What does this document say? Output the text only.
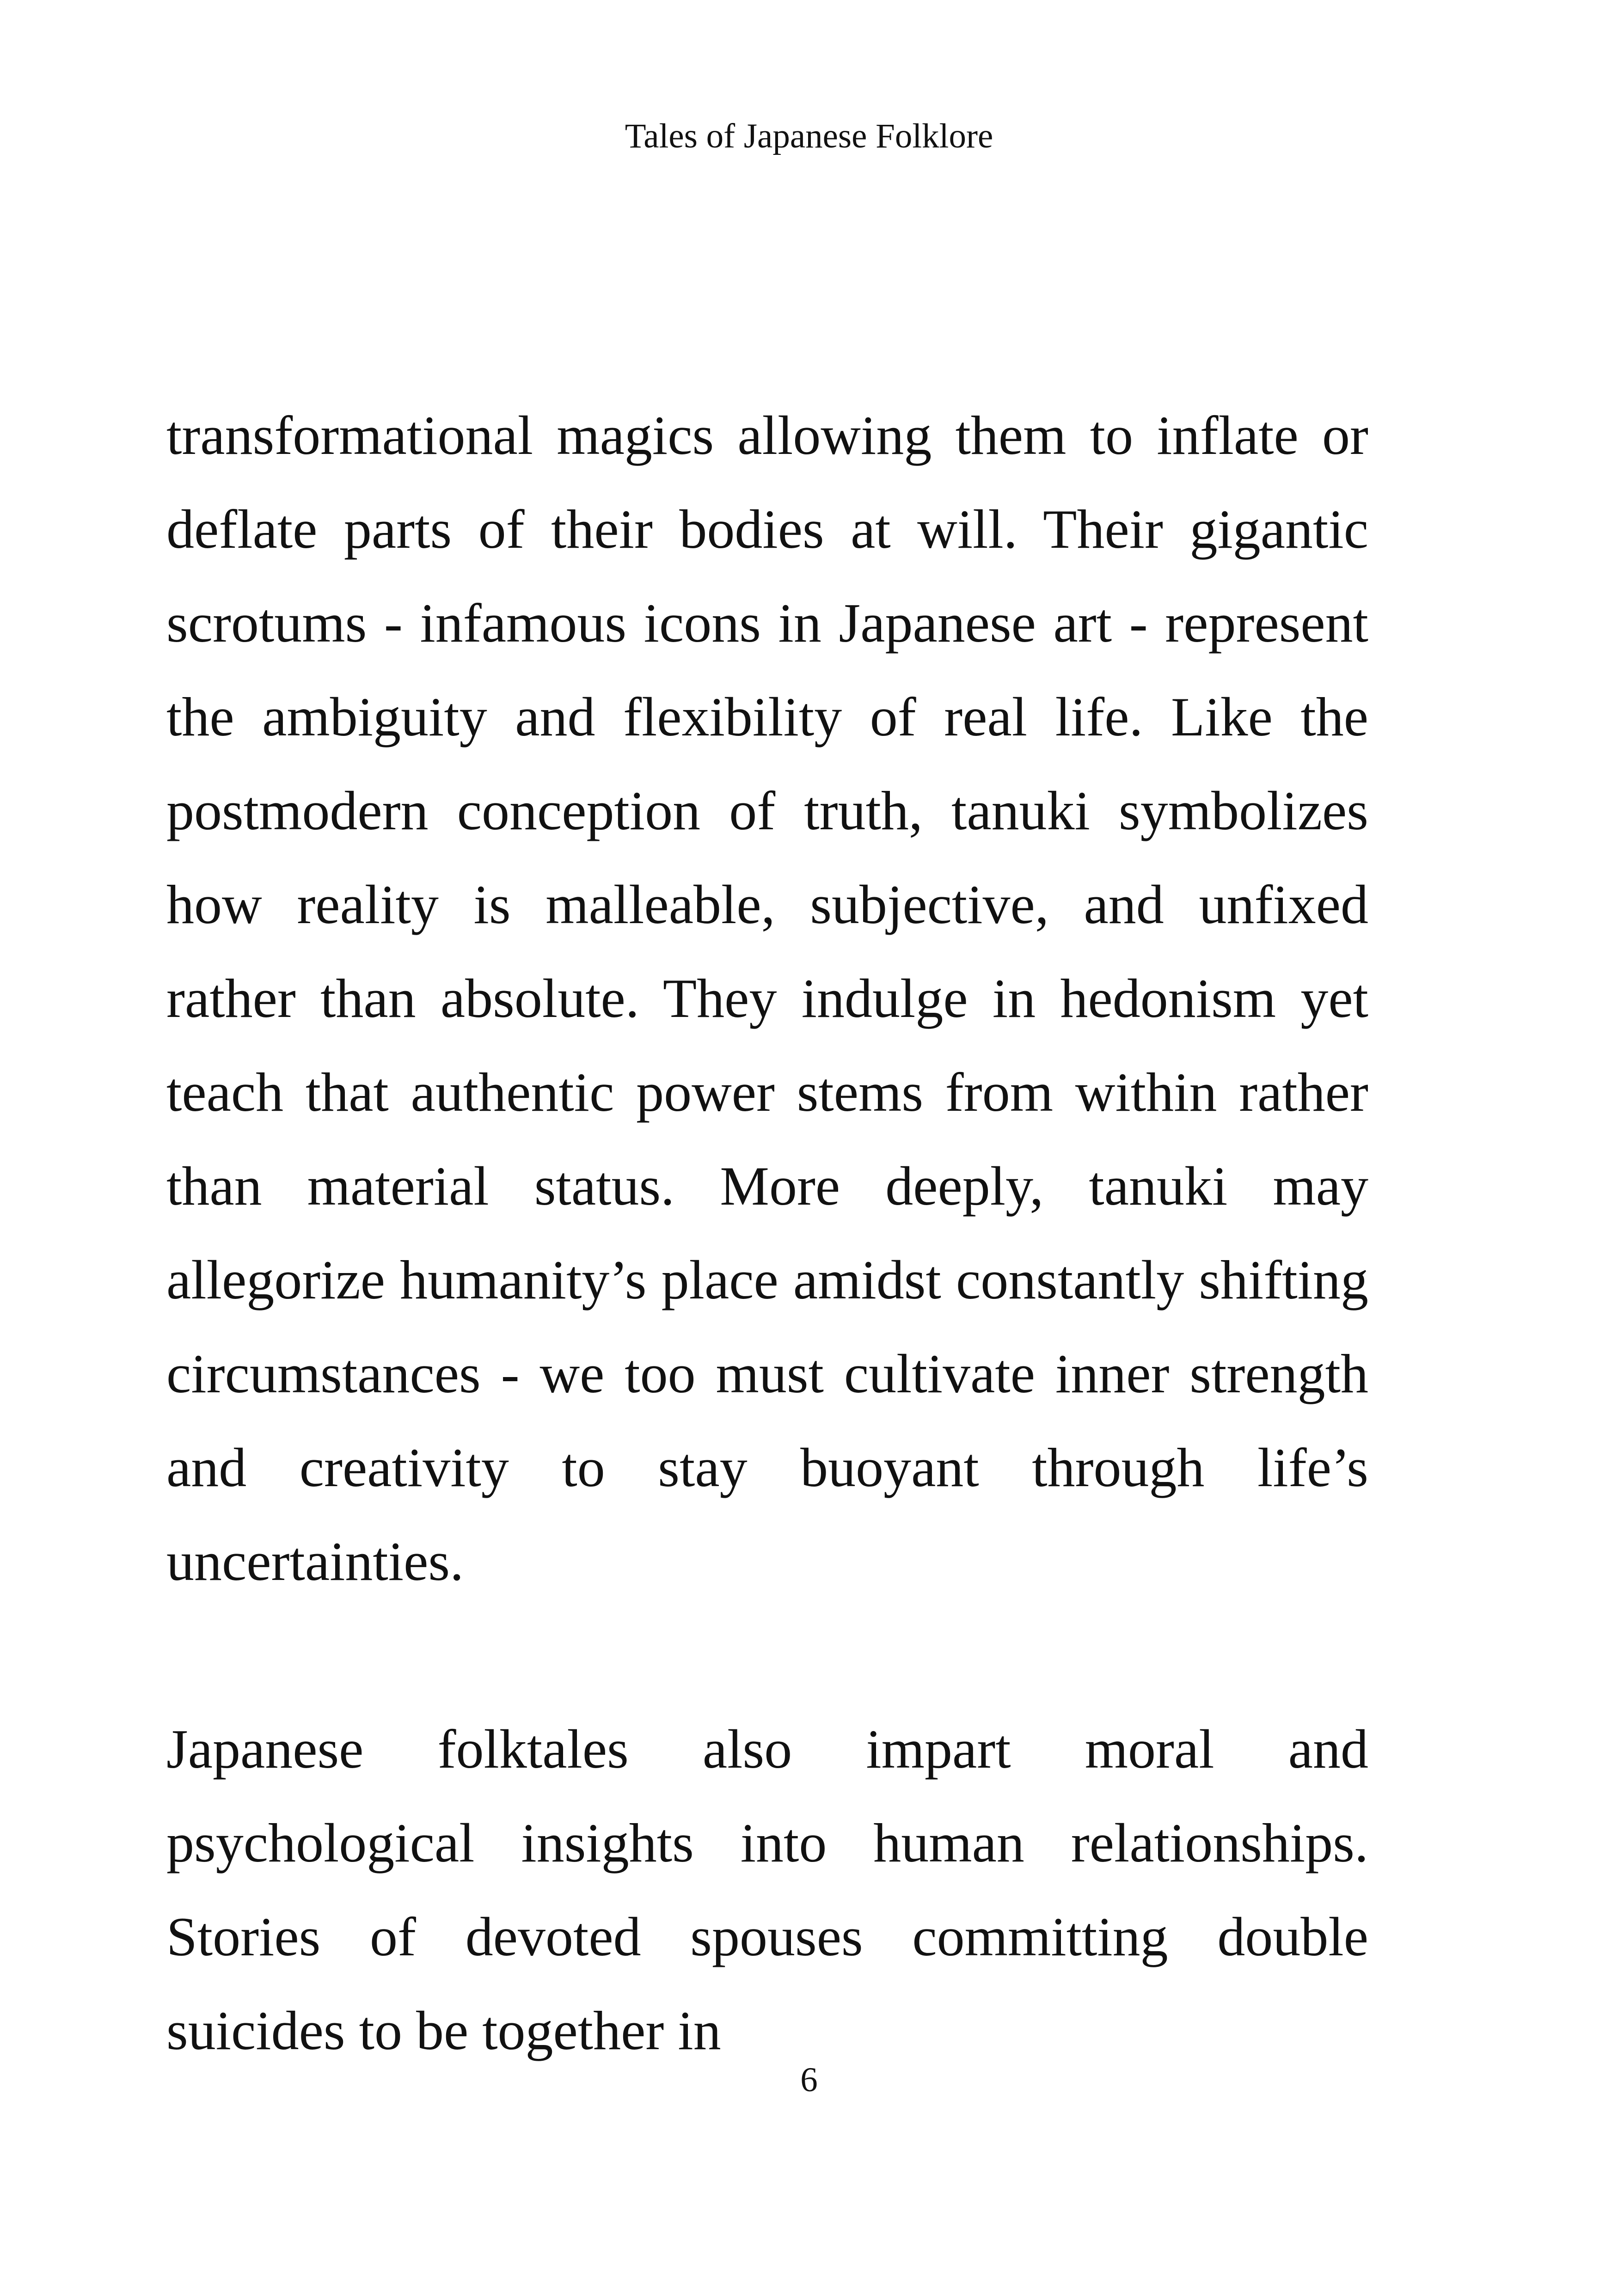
Tales of Japanese Folklore

transformational magics allowing them to inflate or deflate parts of their bodies at will. Their gigantic scrotums - infamous icons in Japanese art - represent the ambiguity and flexibility of real life. Like the postmodern conception of truth, tanuki symbolizes how reality is malleable, subjective, and unfixed rather than absolute. They indulge in hedonism yet teach that authentic power stems from within rather than material status. More deeply, tanuki may allegorize humanity’s place amidst constantly shifting circumstances - we too must cultivate inner strength and creativity to stay buoyant through life’s uncertainties.

Japanese folktales also impart moral and psychological insights into human relationships. Stories of devoted spouses committing double suicides to be together in

6
